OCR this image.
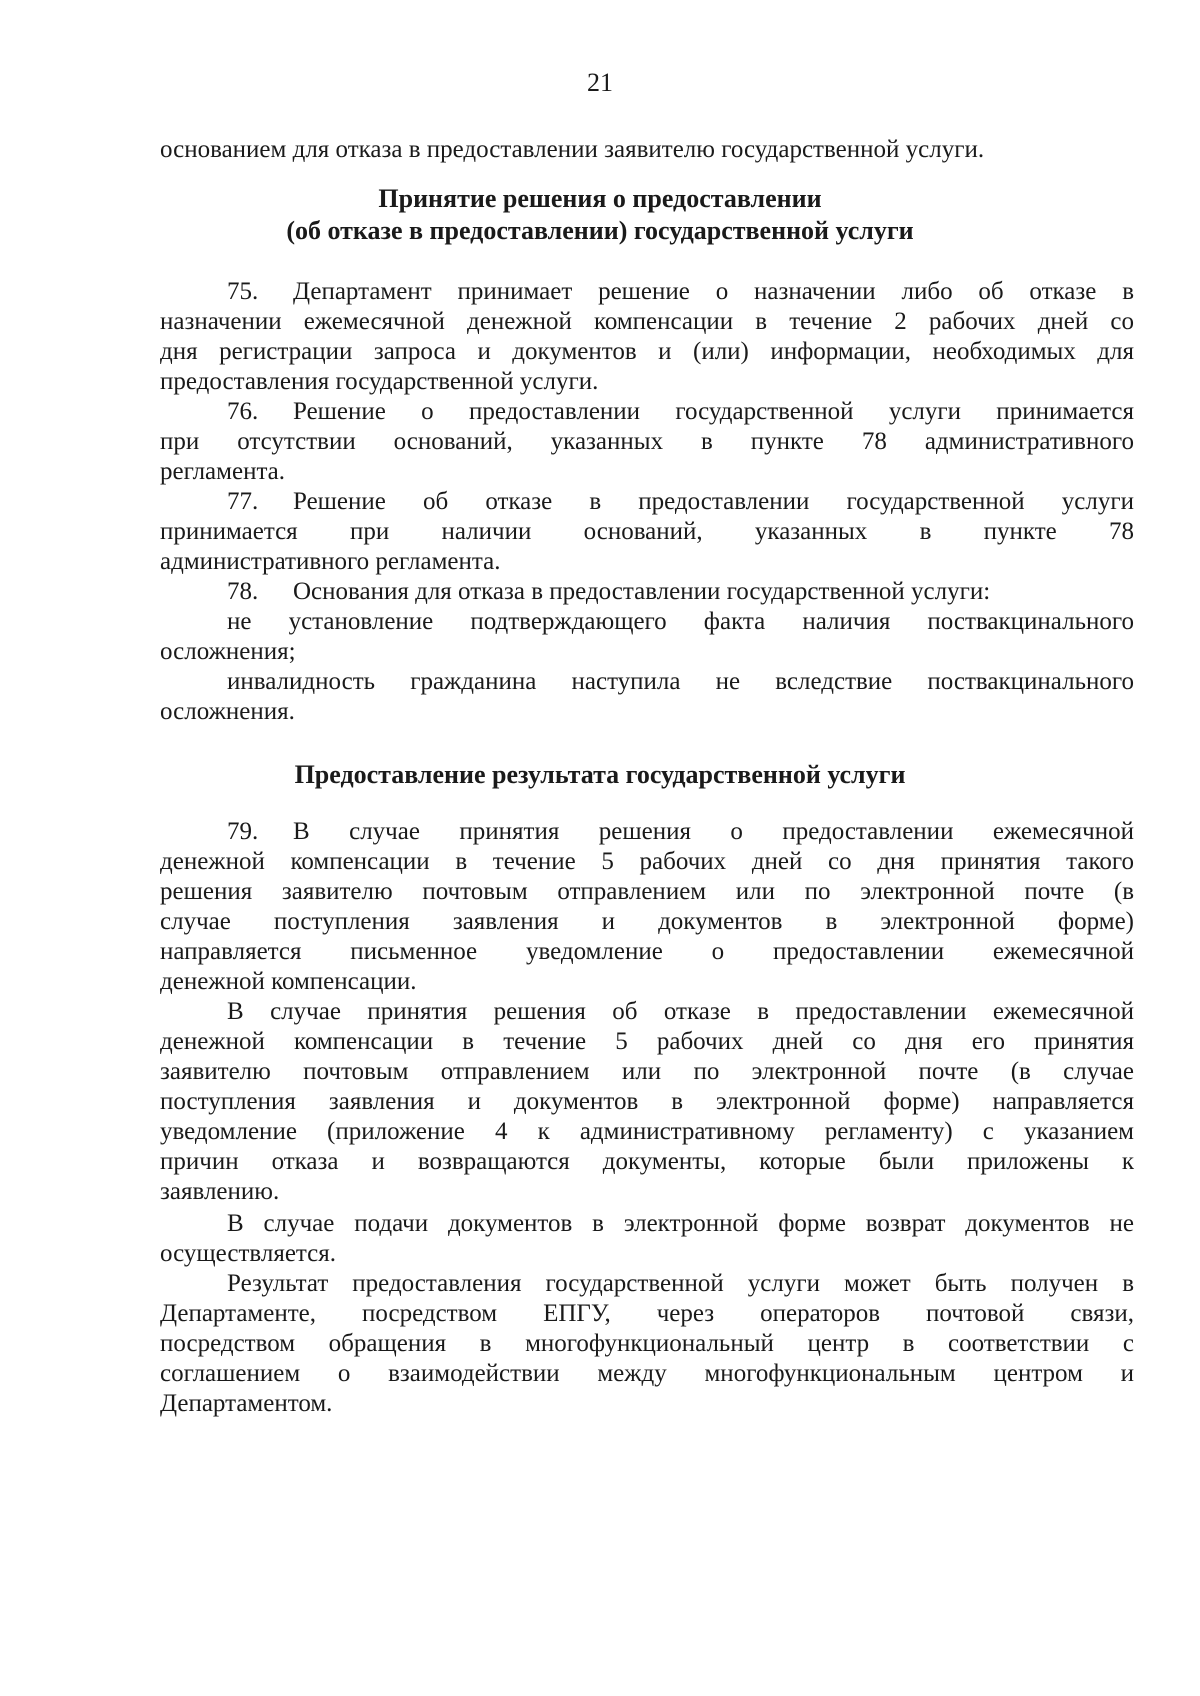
21
основанием для отказа в предоставлении заявителю государственной услуги.
Принятие решения о предоставлении
(об отказе в предоставлении) государственной услуги
75. Департамент принимает решение о назначении либо об отказе в
назначении ежемесячной денежной компенсации в течение 2 рабочих дней со
дня регистрации запроса и документов и (или) информации, необходимых для
предоставления государственной услуги.
76. Решение о предоставлении государственной услуги принимается
при отсутствии оснований, указанных в пункте 78 административного
регламента.
77. Решение об отказе в предоставлении государственной услуги
принимается при наличии оснований, указанных в пункте 78
административного регламента.
78. Основания для отказа в предоставлении государственной услуги:
не установление подтверждающего факта наличия поствакцинального
осложнения;
инвалидность гражданина наступила не вследствие поствакцинального
осложнения.
Предоставление результата государственной услуги
79. В случае принятия решения о предоставлении ежемесячной
денежной компенсации в течение 5 рабочих дней со дня принятия такого
решения заявителю почтовым отправлением или по электронной почте (в
случае поступления заявления и документов в электронной форме)
направляется письменное уведомление о предоставлении ежемесячной
денежной компенсации.
В случае принятия решения об отказе в предоставлении ежемесячной
денежной компенсации в течение 5 рабочих дней со дня его принятия
заявителю почтовым отправлением или по электронной почте (в случае
поступления заявления и документов в электронной форме) направляется
уведомление (приложение 4 к административному регламенту) с указанием
причин отказа и возвращаются документы, которые были приложены к
заявлению.
В случае подачи документов в электронной форме возврат документов не
осуществляется.
Результат предоставления государственной услуги может быть получен в
Департаменте, посредством ЕПГУ, через операторов почтовой связи,
посредством обращения в многофункциональный центр в соответствии с
соглашением о взаимодействии между многофункциональным центром и
Департаментом.
